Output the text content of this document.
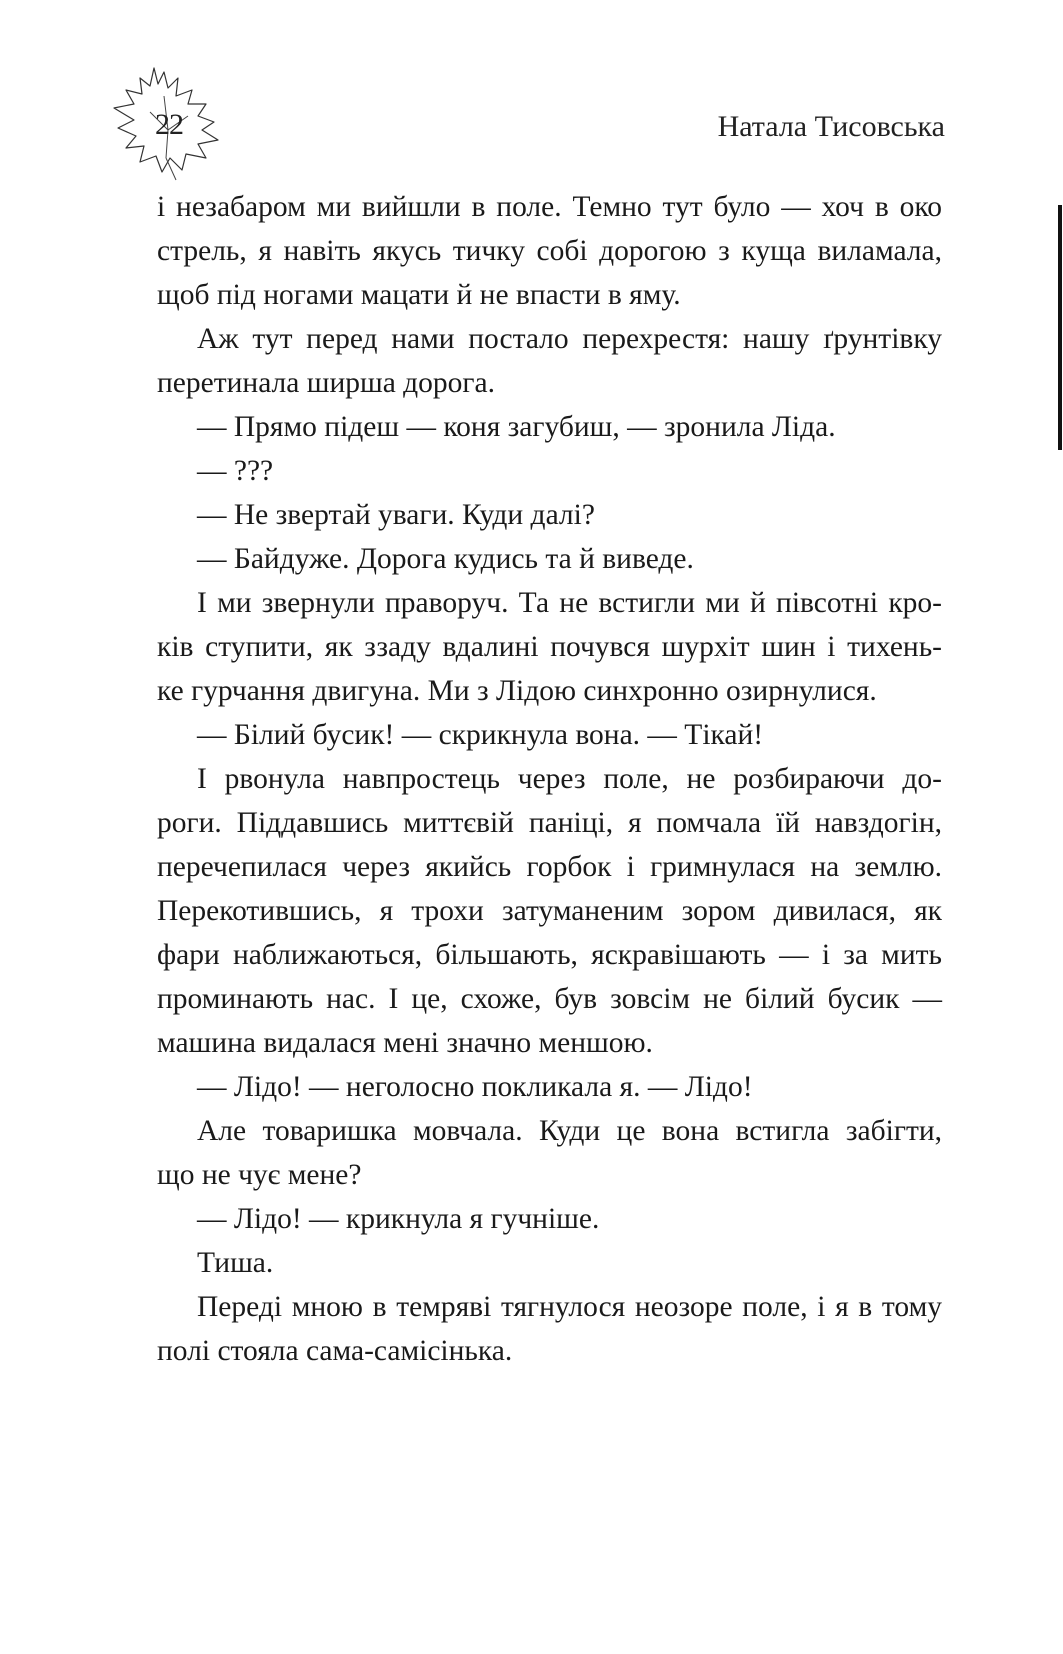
22	Натала Тисовська
і незабаром ми вийшли в поле. Темно тут було — хоч в око
стрель, я навіть якусь тичку собі дорогою з куща виламала,
щоб під ногами мацати й не впасти в яму.
Аж тут перед нами постало перехрестя: нашу ґрунтівку
перетинала ширша дорога.
— Прямо підеш — коня загубиш, — зронила Ліда.
— ???
— Не звертай уваги. Куди далі?
— Байдуже. Дорога кудись та й виведе.
І ми звернули праворуч. Та не встигли ми й півсотні кро-
ків ступити, як ззаду вдалині почувся шурхіт шин і тихень-
ке гурчання двигуна. Ми з Лідою синхронно озирнулися.
— Білий бусик! — скрикнула вона. — Тікай!
І рвонула навпростець через поле, не розбираючи до-
роги. Піддавшись миттєвій паніці, я помчала їй навздогін,
перечепилася через якийсь горбок і гримнулася на землю.
Перекотившись, я трохи затуманеним зором дивилася, як
фари наближаються, більшають, яскравішають — і за мить
проминають нас. І це, схоже, був зовсім не білий бусик —
машина видалася мені значно меншою.
— Лідо! — неголосно покликала я. — Лідо!
Але товаришка мовчала. Куди це вона встигла забігти,
що не чує мене?
— Лідо! — крикнула я гучніше.
Тиша.
Переді мною в темряві тягнулося неозоре поле, і я в тому
полі стояла сама-самісінька.
